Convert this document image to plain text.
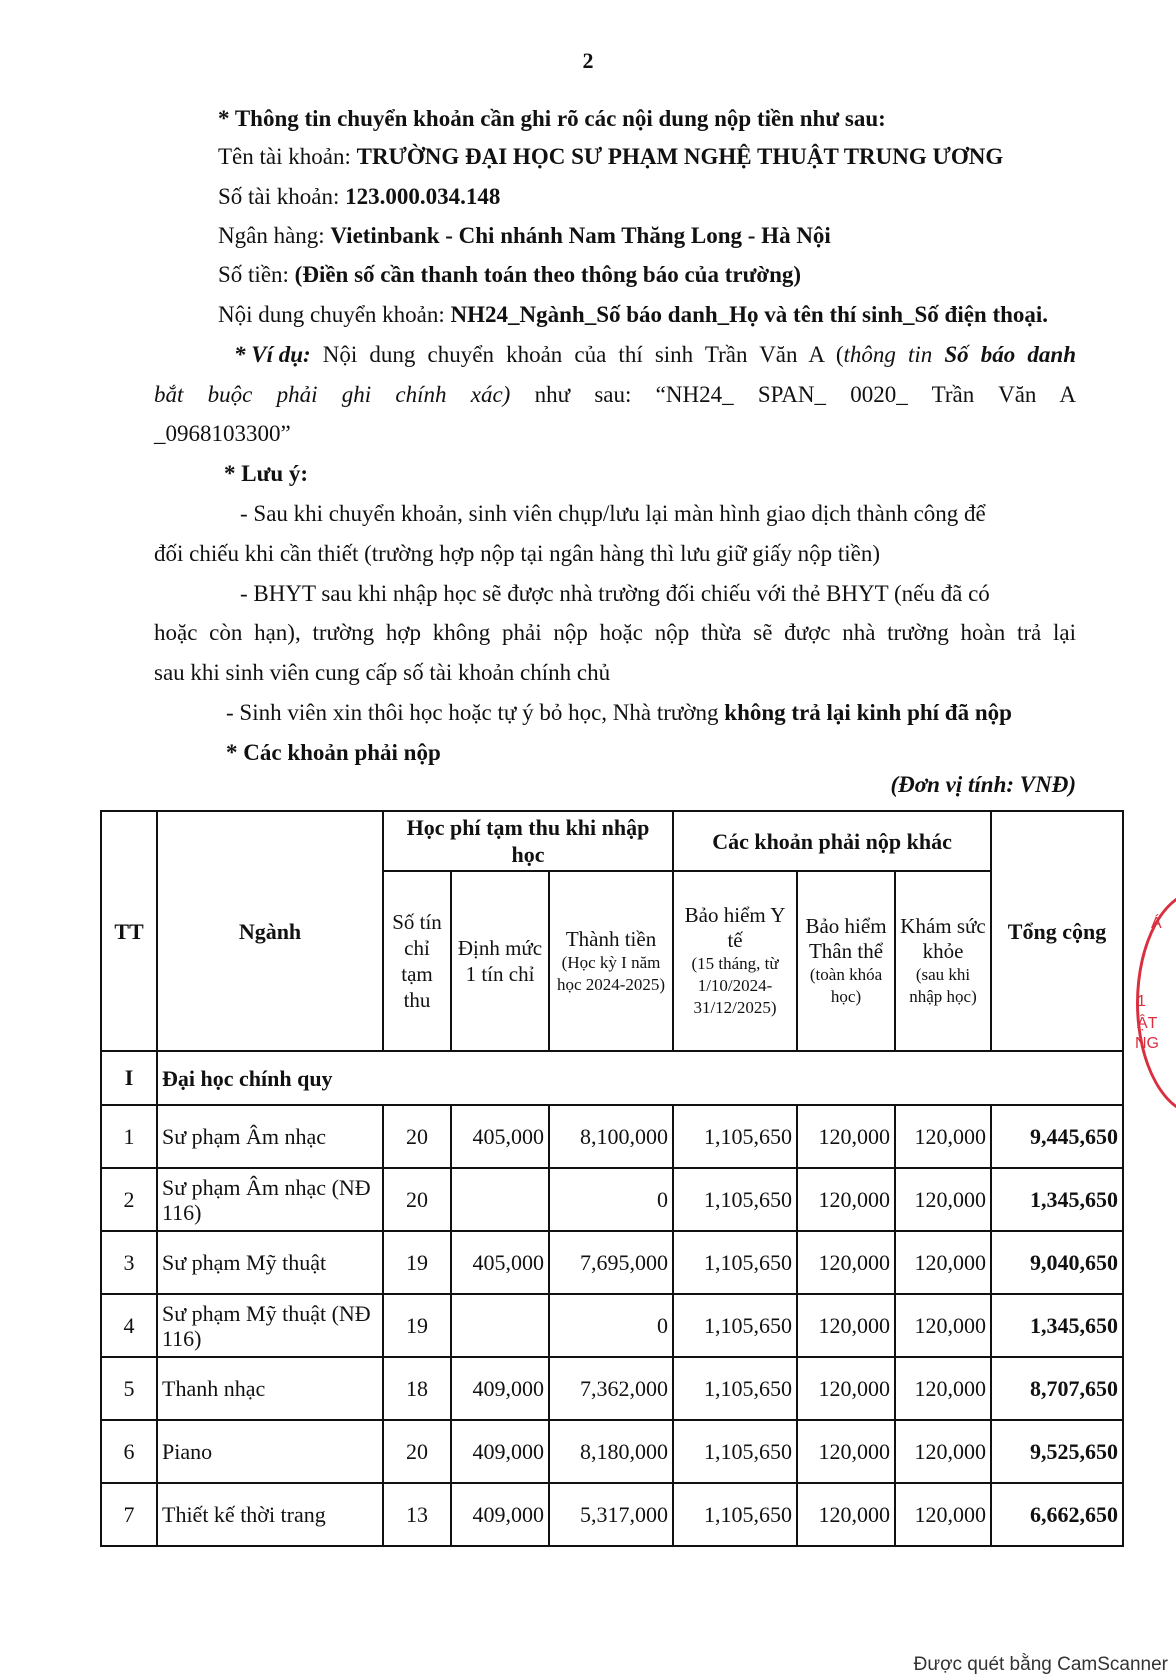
2
* Thông tin chuyển khoản cần ghi rõ các nội dung nộp tiền như sau:
Tên tài khoản: TRƯỜNG ĐẠI HỌC SƯ PHẠM NGHỆ THUẬT TRUNG ƯƠNG
Số tài khoản: 123.000.034.148
Ngân hàng: Vietinbank - Chi nhánh Nam Thăng Long - Hà Nội
Số tiền: (Điền số cần thanh toán theo thông báo của trường)
Nội dung chuyển khoản: NH24_Ngành_Số báo danh_Họ và tên thí sinh_Số điện thoại.
* Ví dụ: Nội dung chuyển khoản của thí sinh Trần Văn A (thông tin Số báo danh
bắt buộc phải ghi chính xác) như sau: “NH24_ SPAN_ 0020_ Trần Văn A
_0968103300”
* Lưu ý:
- Sau khi chuyển khoản, sinh viên chụp/lưu lại màn hình giao dịch thành công để
đối chiếu khi cần thiết (trường hợp nộp tại ngân hàng thì lưu giữ giấy nộp tiền)
- BHYT sau khi nhập học sẽ được nhà trường đối chiếu với thẻ BHYT (nếu đã có
hoặc còn hạn), trường hợp không phải nộp hoặc nộp thừa sẽ được nhà trường hoàn trả lại
sau khi sinh viên cung cấp số tài khoản chính chủ
- Sinh viên xin thôi học hoặc tự ý bỏ học, Nhà trường không trả lại kinh phí đã nộp
* Các khoản phải nộp
(Đơn vị tính: VNĐ)
TT	Ngành	Học phí tạm thu khi nhập học			Các khoản phải nộp khác			Tổng cộng
		Số tín chỉ tạm thu	Định mức 1 tín chỉ	Thành tiền
(Học kỳ I năm học 2024-2025)	Bảo hiểm Y tế
(15 tháng, từ 1/10/2024-31/12/2025)	Bảo hiểm Thân thể
(toàn khóa học)	Khám sức khỏe
(sau khi nhập học)	

I	Đại học chính quy							
1	Sư phạm Âm nhạc	20	405,000	8,100,000	1,105,650	120,000	120,000	9,445,650
2	Sư phạm Âm nhạc (NĐ 116)	20		0	1,105,650	120,000	120,000	1,345,650
3	Sư phạm Mỹ thuật	19	405,000	7,695,000	1,105,650	120,000	120,000	9,040,650
4	Sư phạm Mỹ thuật (NĐ 116)	19		0	1,105,650	120,000	120,000	1,345,650
5	Thanh nhạc	18	409,000	7,362,000	1,105,650	120,000	120,000	8,707,650
6	Piano	20	409,000	8,180,000	1,105,650	120,000	120,000	9,525,650
7	Thiết kế thời trang	13	409,000	5,317,000	1,105,650	120,000	120,000	6,662,650
Á
1
ẬT
NG
Được quét bằng CamScanner
